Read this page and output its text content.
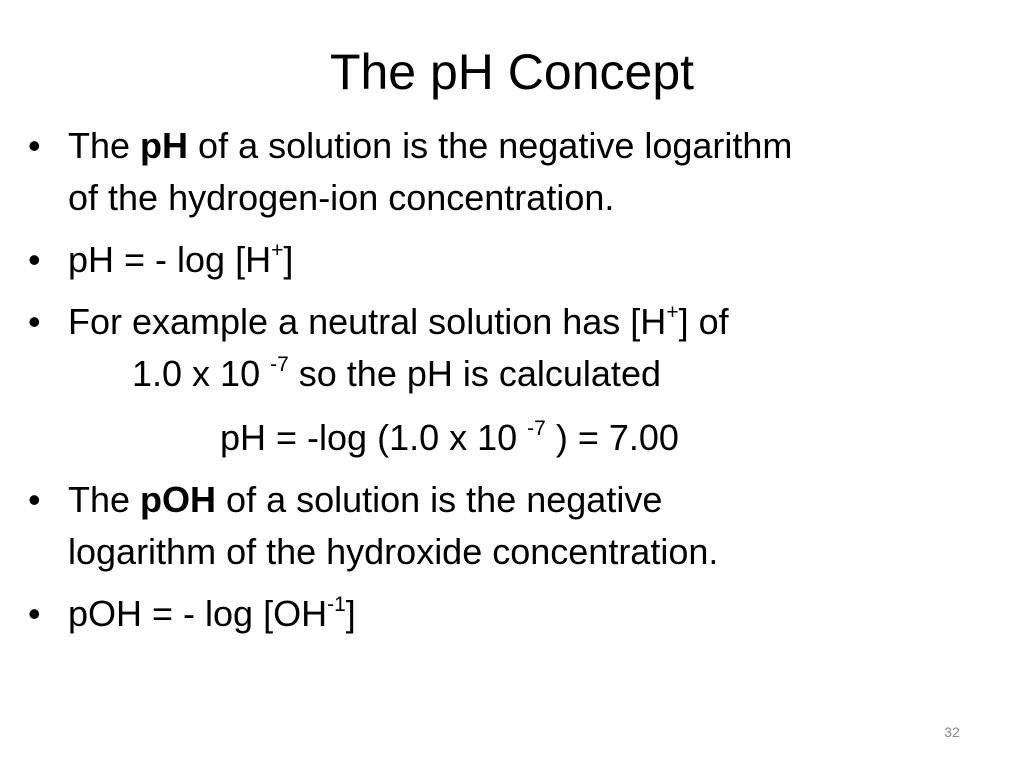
The pH Concept
• The pH of a solution is the negative logarithm
of the hydrogen-ion concentration.
• pH = - log [H+]
• For example a neutral solution has [H+] of
1.0 x 10 $^{-7}$ so the pH is calculated
pH = -log (1.0 x 10 $^{-7}$ ) = 7.00
• The pOH of a solution is the negative
logarithm of the hydroxide concentration.
• pOH = - $\log [OH^{-1}]$
32
